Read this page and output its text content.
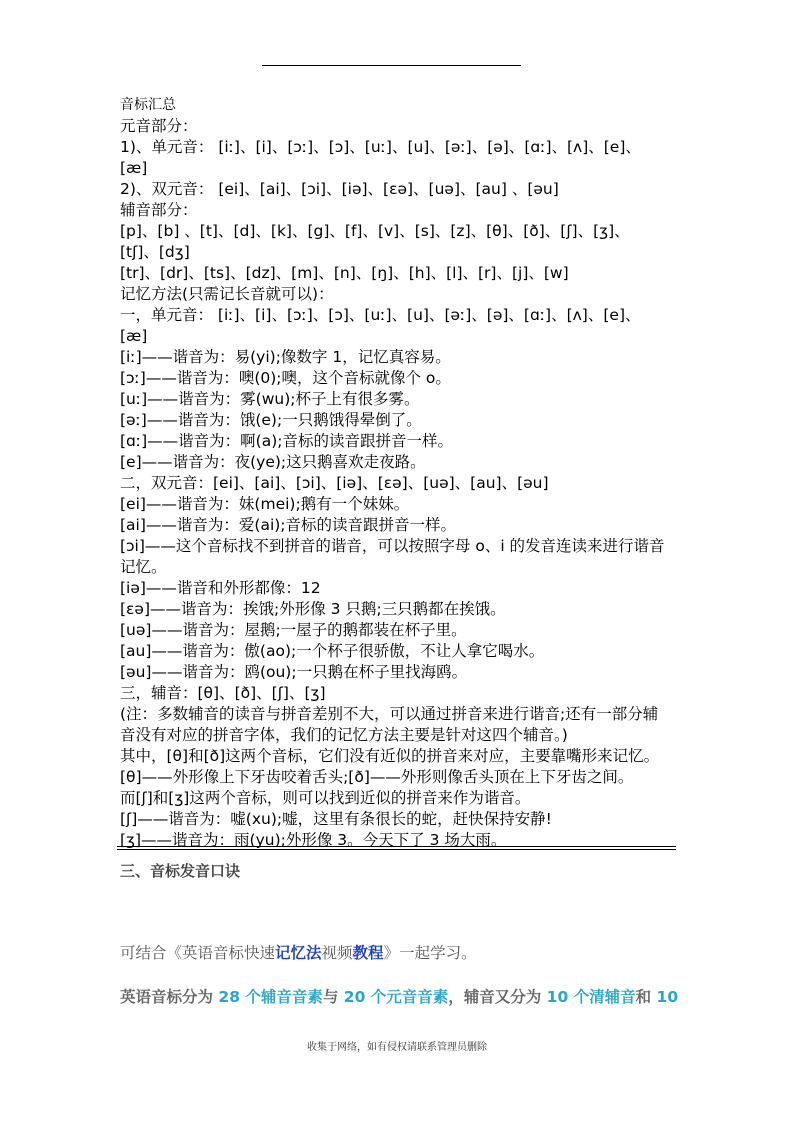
音标汇总
元音部分：
1)、单元音： [iː]、[i]、[ɔː]、[ɔ]、[uː]、[u]、[əː]、[ə]、[ɑː]、[ʌ]、[e]、
[æ]
2)、双元音： [ei]、[ai]、[ɔi]、[iə]、[ɛə]、[uə]、[au] 、[əu]
辅音部分：
[p]、[b] 、[t]、[d]、[k]、[g]、[f]、[v]、[s]、[z]、[θ]、[ð]、[ʃ]、[ʒ]、
[tʃ]、[dʒ]
[tr]、[dr]、[ts]、[dz]、[m]、[n]、[ŋ]、[h]、[l]、[r]、[j]、[w]
记忆方法(只需记长音就可以)：
一，单元音： [iː]、[i]、[ɔː]、[ɔ]、[uː]、[u]、[əː]、[ə]、[ɑː]、[ʌ]、[e]、
[æ]
[iː]——谐音为：易(yi);像数字 1，记忆真容易。
[ɔː]——谐音为：噢(0);噢，这个音标就像个 o。
[uː]——谐音为：雾(wu);杯子上有很多雾。
[əː]——谐音为：饿(e);一只鹅饿得晕倒了。
[ɑː]——谐音为：啊(a);音标的读音跟拼音一样。
[e]——谐音为：夜(ye);这只鹅喜欢走夜路。
二，双元音：[ei]、[ai]、[ɔi]、[iə]、[ɛə]、[uə]、[au]、[əu]
[ei]——谐音为：妹(mei);鹅有一个妹妹。
[ai]——谐音为：爱(ai);音标的读音跟拼音一样。
[ɔi]——这个音标找不到拼音的谐音，可以按照字母 o、i 的发音连读来进行谐音
记忆。
[iə]——谐音和外形都像：12
[ɛə]——谐音为：挨饿;外形像 3 只鹅;三只鹅都在挨饿。
[uə]——谐音为：屋鹅;一屋子的鹅都装在杯子里。
[au]——谐音为：傲(ao);一个杯子很骄傲，不让人拿它喝水。
[əu]——谐音为：鸥(ou);一只鹅在杯子里找海鸥。
三，辅音：[θ]、[ð]、[ʃ]、[ʒ]
(注：多数辅音的读音与拼音差别不大，可以通过拼音来进行谐音;还有一部分辅
音没有对应的拼音字体，我们的记忆方法主要是针对这四个辅音。)
其中，[θ]和[ð]这两个音标，它们没有近似的拼音来对应，主要靠嘴形来记忆。
[θ]——外形像上下牙齿咬着舌头;[ð]——外形则像舌头顶在上下牙齿之间。
而[ʃ]和[ʒ]这两个音标，则可以找到近似的拼音来作为谐音。
[ʃ]——谐音为：嘘(xu);嘘，这里有条很长的蛇，赶快保持安静!
[ʒ]——谐音为：雨(yu);外形像 3。今天下了 3 场大雨。
三、音标发音口诀
可结合《英语音标快速记忆法视频教程》一起学习。
英语音标分为 28 个辅音音素与 20 个元音音素，辅音又分为 10 个清辅音和 10
收集于网络，如有侵权请联系管理员删除
